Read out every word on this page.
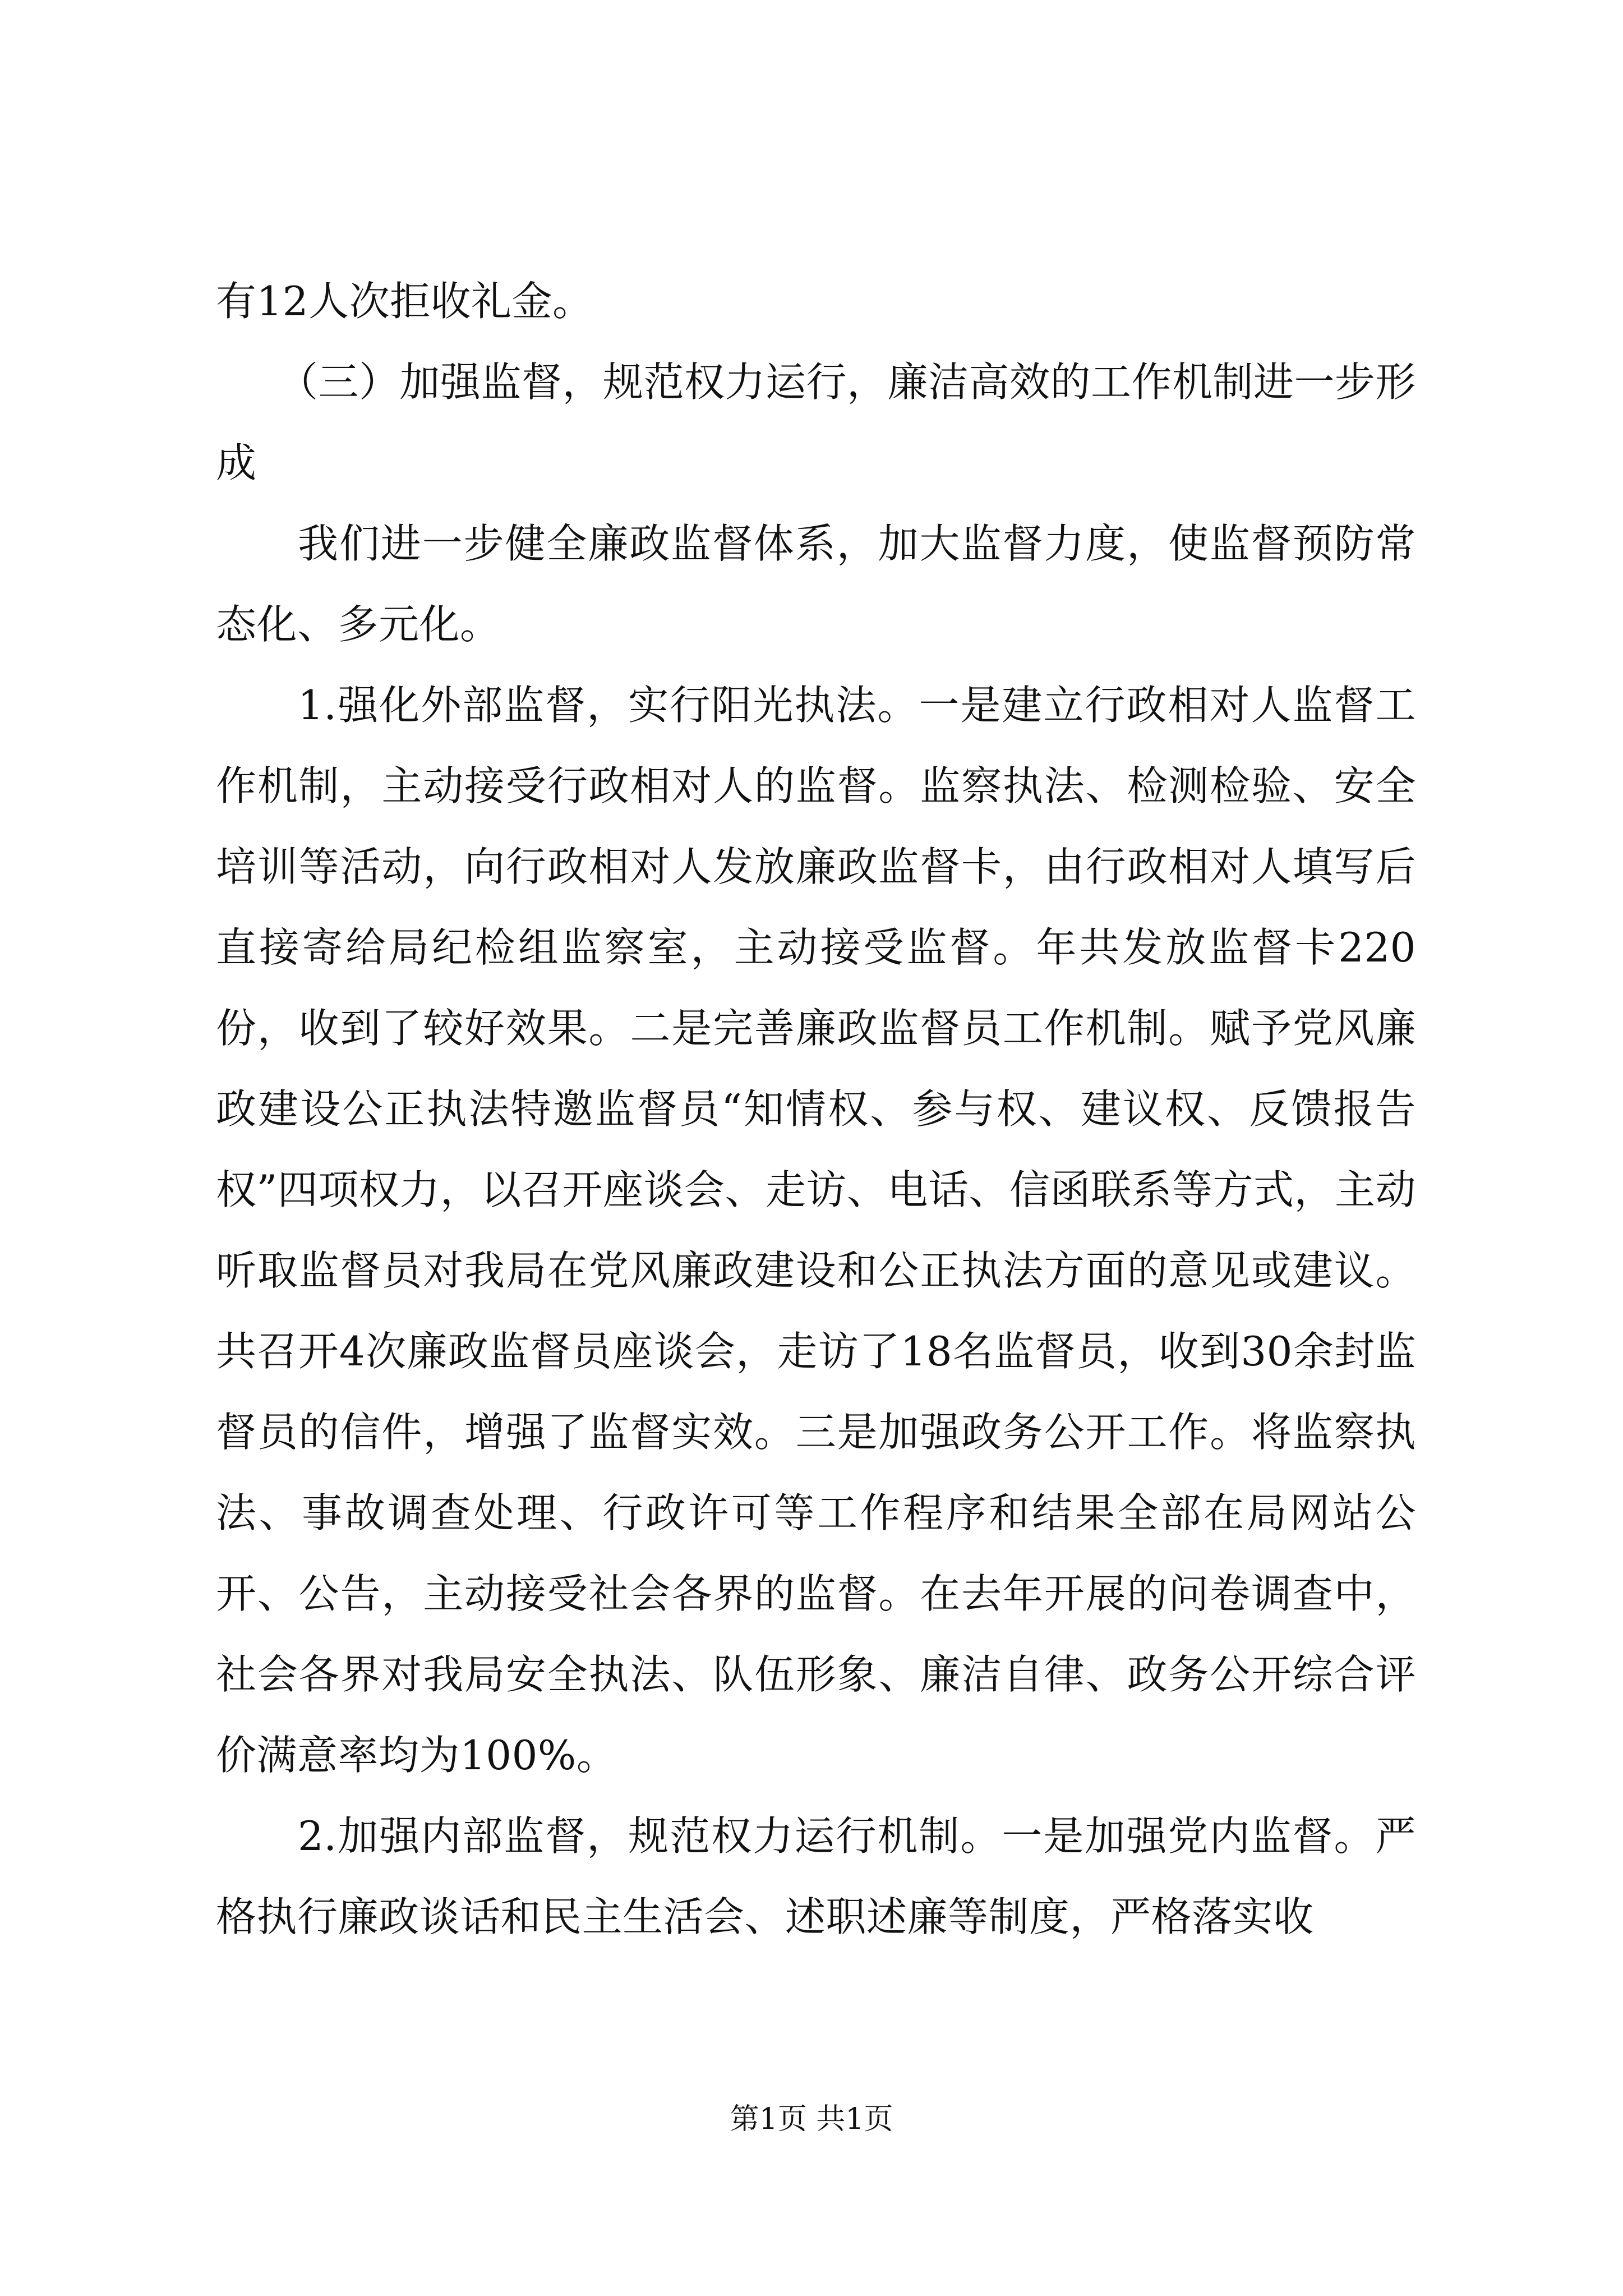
有12人次拒收礼金。

（三）加强监督，规范权力运行，廉洁高效的工作机制进一步形成

我们进一步健全廉政监督体系，加大监督力度，使监督预防常态化、多元化。

1.强化外部监督，实行阳光执法。一是建立行政相对人监督工作机制，主动接受行政相对人的监督。监察执法、检测检验、安全培训等活动，向行政相对人发放廉政监督卡，由行政相对人填写后直接寄给局纪检组监察室，主动接受监督。年共发放监督卡220份，收到了较好效果。二是完善廉政监督员工作机制。赋予党风廉政建设公正执法特邀监督员“知情权、参与权、建议权、反馈报告权”四项权力，以召开座谈会、走访、电话、信函联系等方式，主动听取监督员对我局在党风廉政建设和公正执法方面的意见或建议。共召开4次廉政监督员座谈会，走访了18名监督员，收到30余封监督员的信件，增强了监督实效。三是加强政务公开工作。将监察执法、事故调查处理、行政许可等工作程序和结果全部在局网站公开、公告，主动接受社会各界的监督。在去年开展的问卷调查中，社会各界对我局安全执法、队伍形象、廉洁自律、政务公开综合评价满意率均为100%。

2.加强内部监督，规范权力运行机制。一是加强党内监督。严格执行廉政谈话和民主生活会、述职述廉等制度，严格落实收

第1页 共1页
